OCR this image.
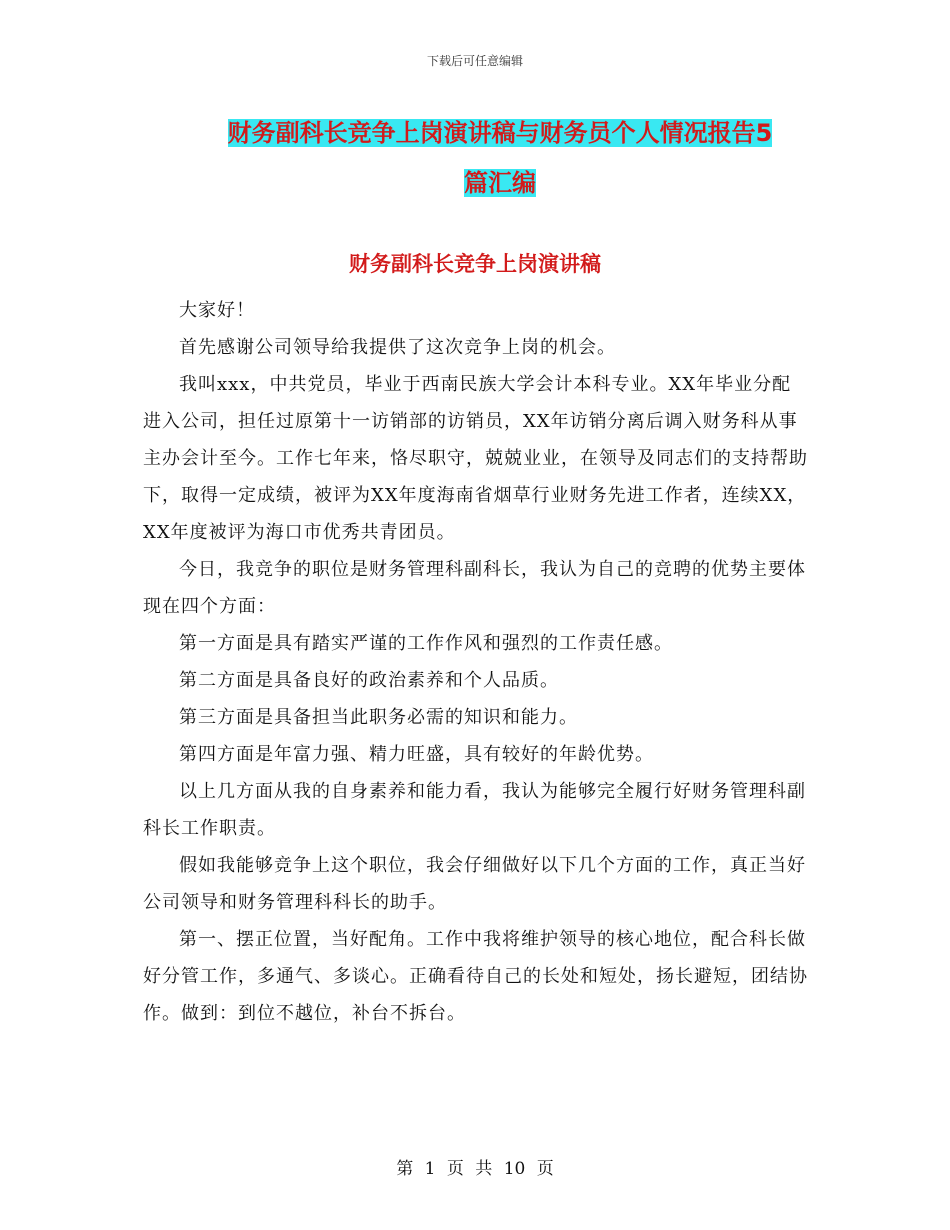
下载后可任意编辑
财务副科长竞争上岗演讲稿与财务员个人情况报告5
篇汇编
财务副科长竞争上岗演讲稿

大家好！

首先感谢公司领导给我提供了这次竞争上岗的机会。

我叫xxx，中共党员，毕业于西南民族大学会计本科专业。XX年毕业分配进入公司，担任过原第十一访销部的访销员，XX年访销分离后调入财务科从事主办会计至今。工作七年来，恪尽职守，兢兢业业，在领导及同志们的支持帮助下，取得一定成绩，被评为XX年度海南省烟草行业财务先进工作者，连续XX，XX年度被评为海口市优秀共青团员。

今日，我竞争的职位是财务管理科副科长，我认为自己的竞聘的优势主要体现在四个方面：

第一方面是具有踏实严谨的工作作风和强烈的工作责任感。

第二方面是具备良好的政治素养和个人品质。

第三方面是具备担当此职务必需的知识和能力。

第四方面是年富力强、精力旺盛，具有较好的年龄优势。

以上几方面从我的自身素养和能力看，我认为能够完全履行好财务管理科副科长工作职责。

假如我能够竞争上这个职位，我会仔细做好以下几个方面的工作，真正当好公司领导和财务管理科科长的助手。

第一、摆正位置，当好配角。工作中我将维护领导的核心地位，配合科长做好分管工作，多通气、多谈心。正确看待自己的长处和短处，扬长避短，团结协作。做到：到位不越位，补台不拆台。

第 1 页 共 10 页
